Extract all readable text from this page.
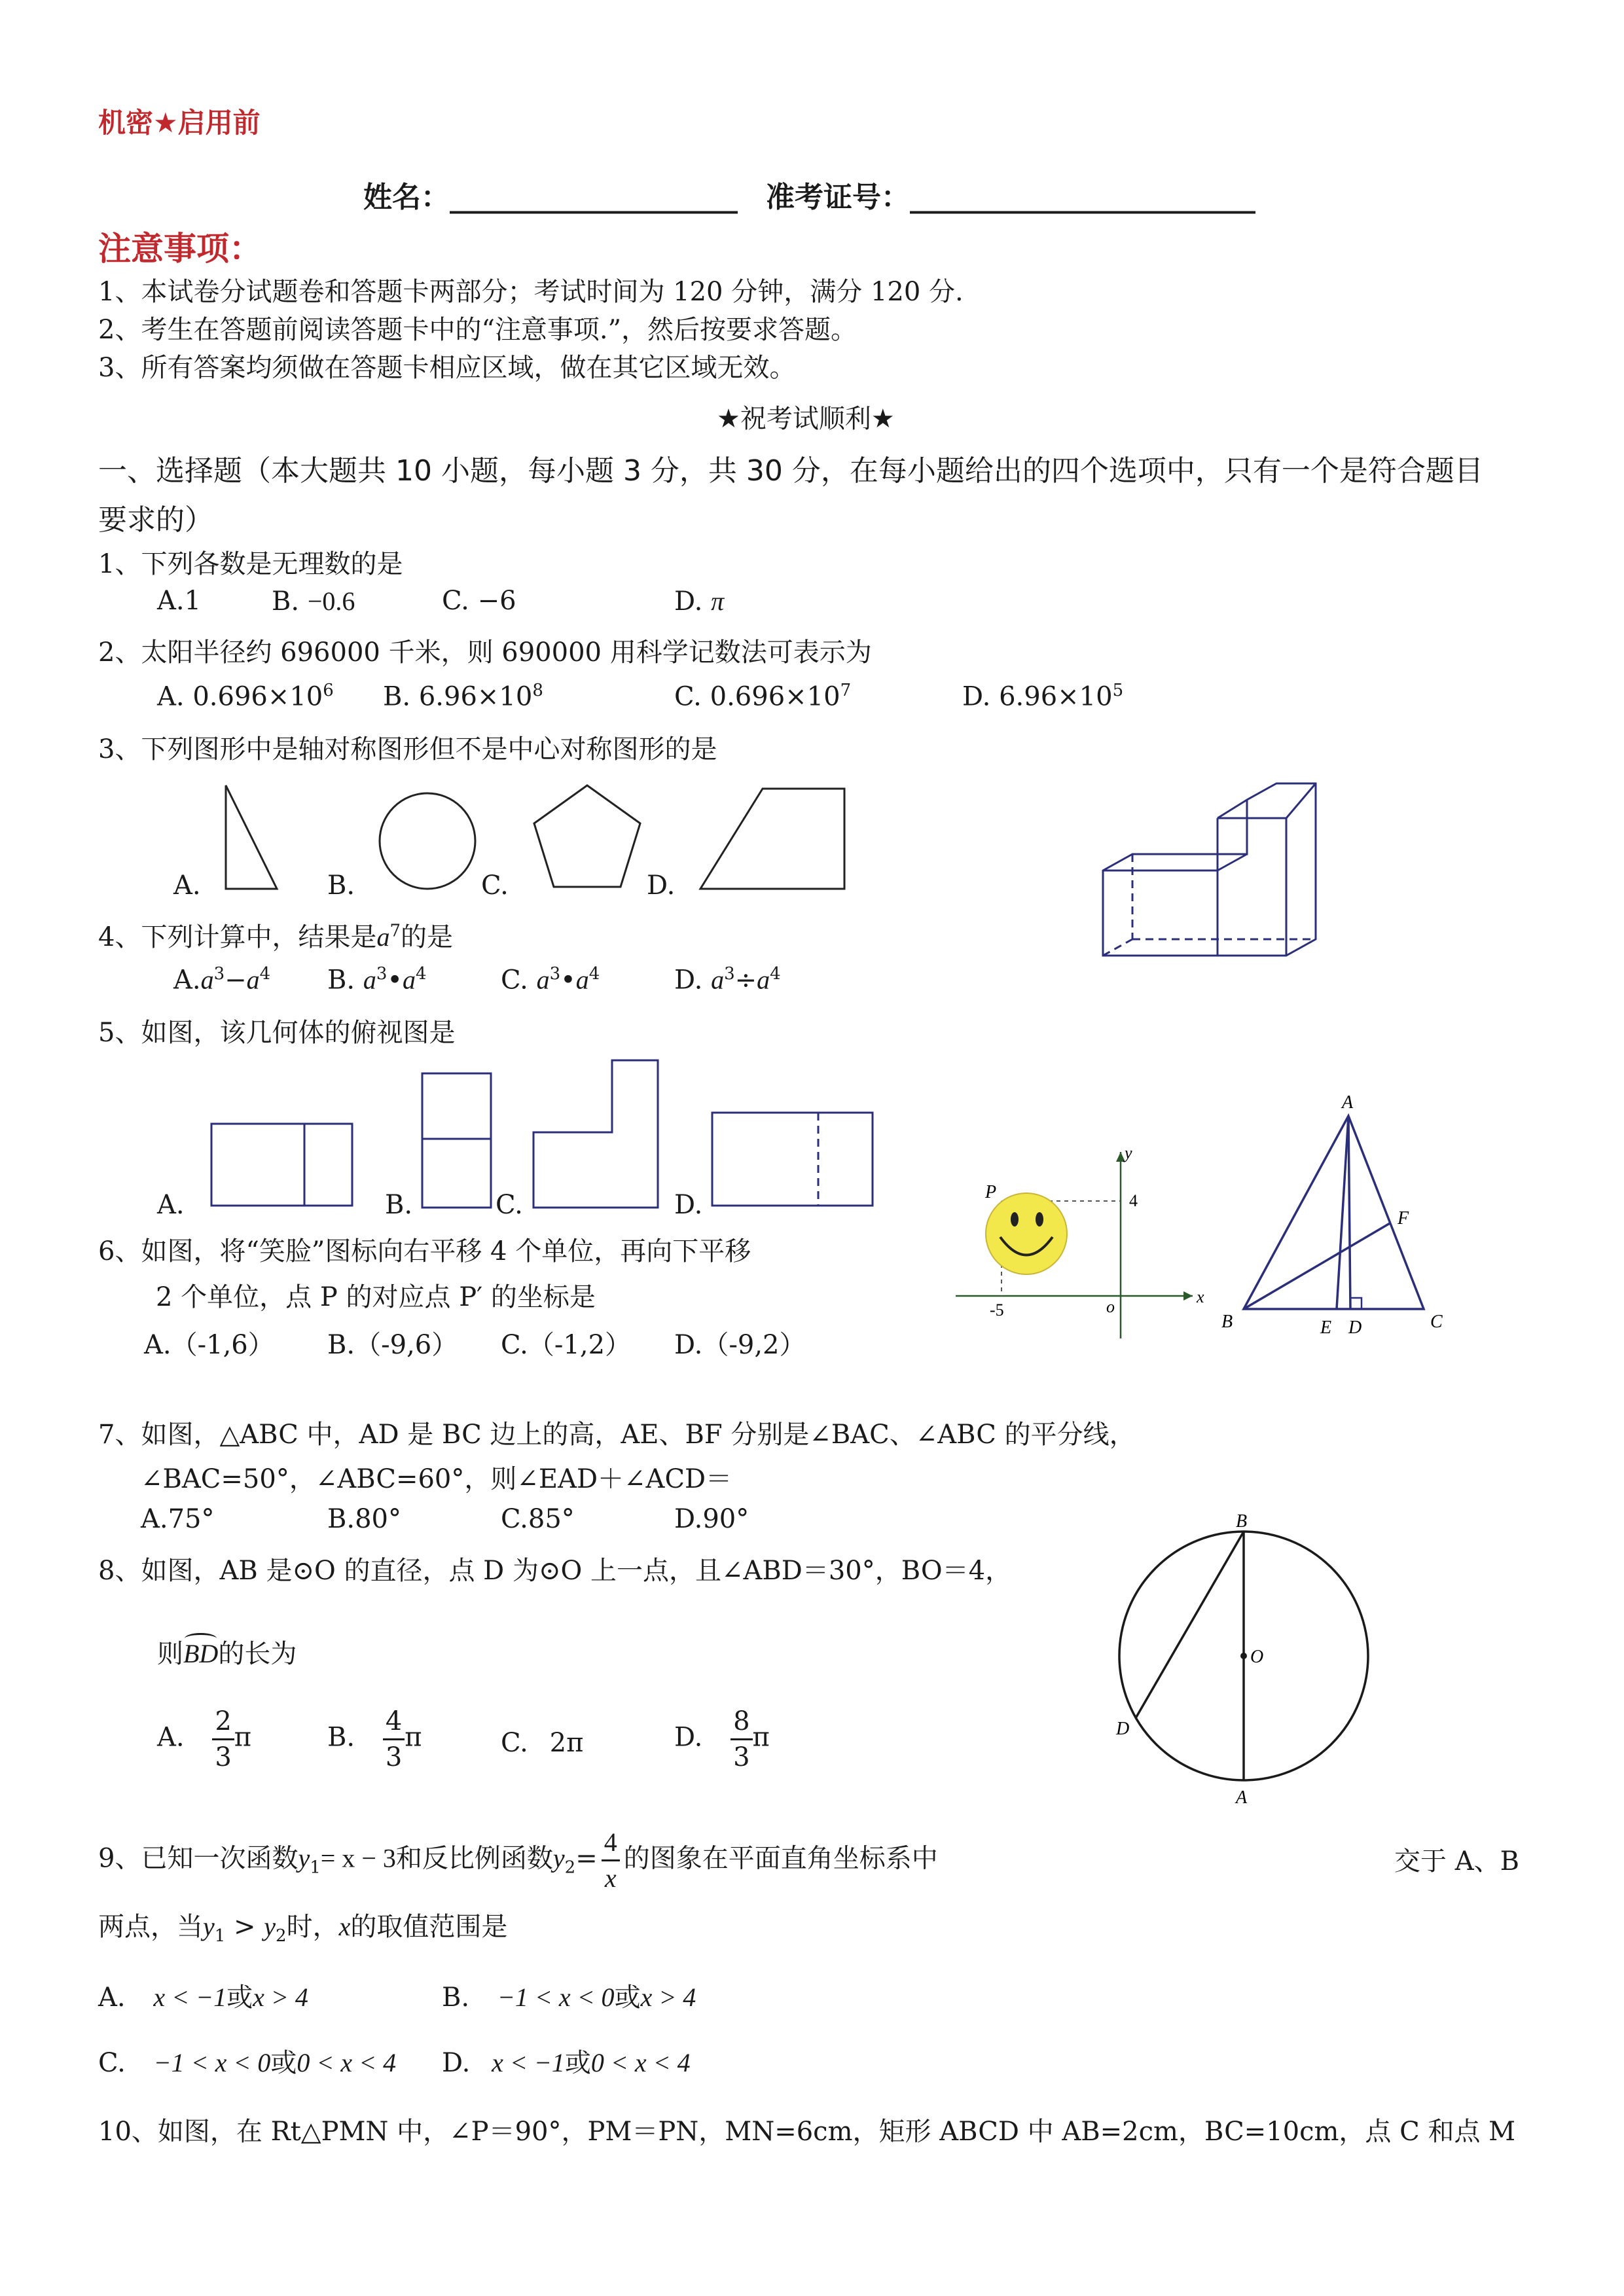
机密★启用前
姓名：____________________ 准考证号：________________________
注意事项：
1、本试卷分试题卷和答题卡两部分；考试时间为 120 分钟，满分 120 分.
2、考生在答题前阅读答题卡中的“注意事项.”，然后按要求答题。
3、所有答案均须做在答题卡相应区域，做在其它区域无效。
★祝考试顺利★
一、选择题（本大题共 10 小题，每小题 3 分，共 30 分，在每小题给出的四个选项中，只有一个是符合题目
要求的）
1、下列各数是无理数的是
A.1	B. −0.6	C. −6	D. π
2、太阳半径约 696000 千米，则 690000 用科学记数法可表示为
A. $0.696\times 10^6$ B. $6.96\times 10^8$	C. $0.696\times 10^7$	D. $6.96\times 10^5$
3、下列图形中是轴对称图形但不是中心对称图形的是
A.	B.	C.	D.
y
x
o
P	4
-5
A
B	C
D
E
F
B
O
D
A
4、下列计算中，结果是$a^7$的是
$A.a^3-a^4$ B. $a^3•a^4$	C. $a^3•a^4$	D. $a^3\div a^4$
5、如图，该几何体的俯视图是
A.	B.	C.	D.
6、如图，将“笑脸”图标向右平移 4 个单位，再向下平移
2 个单位，点 P 的对应点 P′ 的坐标是
A.（-1,6） B.（-9,6） C.（-1,2） D.（-9,2）
7、如图，△ABC 中，AD 是 BC 边上的高，AE、BF 分别是∠BAC、∠ABC 的平分线，
∠BAC=50°，∠ABC=60°，则∠EAD＋∠ACD＝
A.75°	B.80°	C.85°	D.90°
8、如图，AB 是⊙O 的直径，点 D 为⊙O 上一点，且∠ABD＝30°，BO＝4，
则
BD的长为
A. $\frac{2}{3}$ π	B. $\frac{4}{3}$ π	C. 2π	D. $\frac{8}{3}$ π
9、已知一次函数$y_1= x - 3$和反比例函数$y_2= \frac{4}{x}$ 的图象在平面直角坐标系中	交于 A、B
两点，当$y_1 > y_2$时，x的取值范围是
A. x < −1或x > 4	B. −1 < x < 0或x > 4
C. −1 < x < 0或0 < x < 4 D. x < −1或0 < x < 4
10、如图，在 Rt△PMN 中，∠P＝90°，PM＝PN，MN=6cm，矩形 ABCD 中 AB=2cm，BC=10cm，点 C 和点 M
